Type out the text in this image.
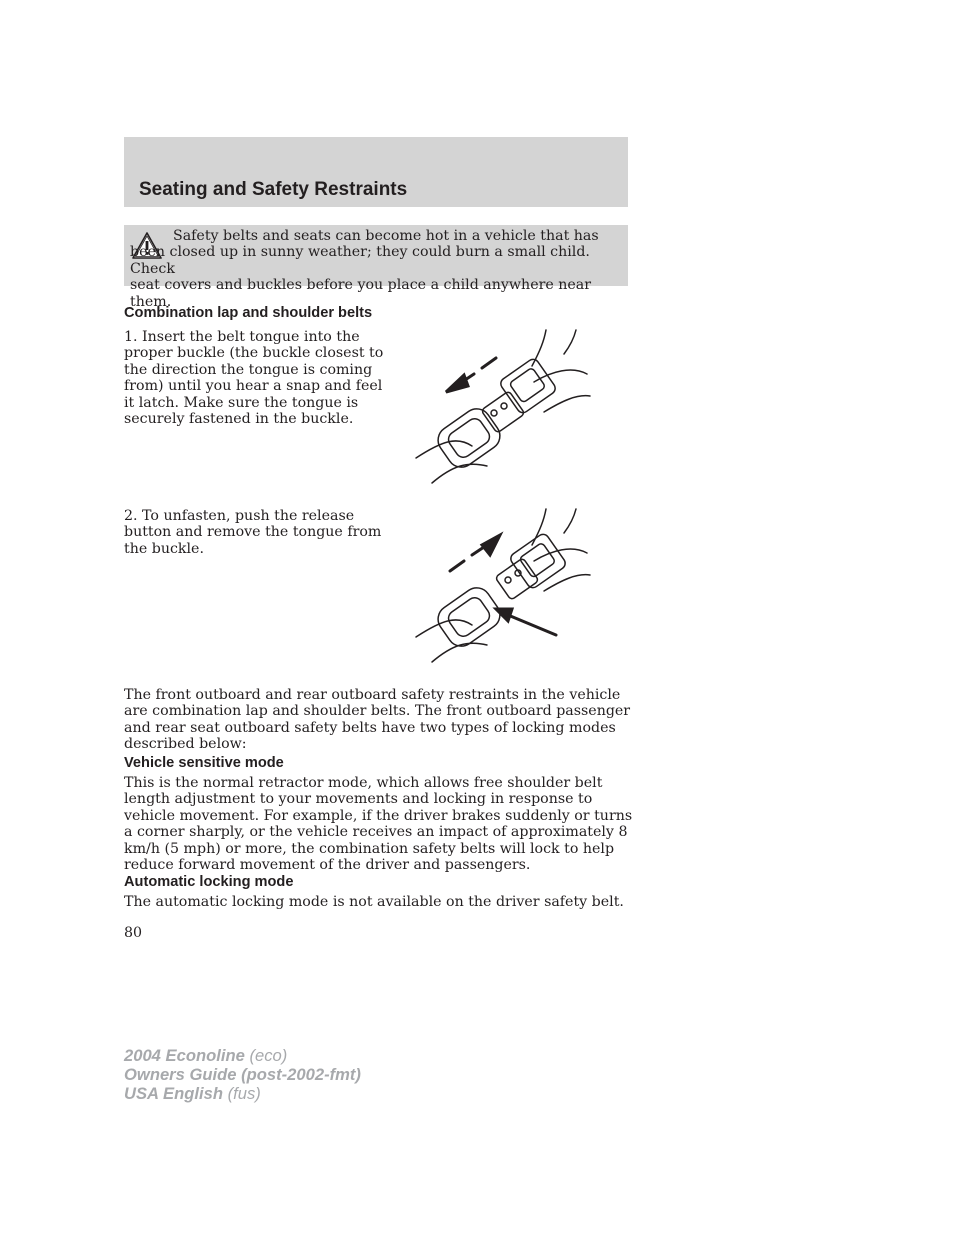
Seating and Safety Restraints

Safety belts and seats can become hot in a vehicle that has been closed up in sunny weather; they could burn a small child. Check
seat covers and buckles before you place a child anywhere near them.

Combination lap and shoulder belts

1. Insert the belt tongue into the proper buckle (the buckle closest to the direction the tongue is coming from) until you hear a snap and feel it latch. Make sure the tongue is securely fastened in the buckle.

2. To unfasten, push the release button and remove the tongue from the buckle.

The front outboard and rear outboard safety restraints in the vehicle are combination lap and shoulder belts. The front outboard passenger and rear seat outboard safety belts have two types of locking modes described below:

Vehicle sensitive mode

This is the normal retractor mode, which allows free shoulder belt length adjustment to your movements and locking in response to vehicle movement. For example, if the driver brakes suddenly or turns a corner sharply, or the vehicle receives an impact of approximately 8 km/h (5 mph) or more, the combination safety belts will lock to help reduce forward movement of the driver and passengers.

Automatic locking mode

The automatic locking mode is not available on the driver safety belt.

80

2004 Econoline (eco)
Owners Guide (post-2002-fmt)
USA English (fus)
